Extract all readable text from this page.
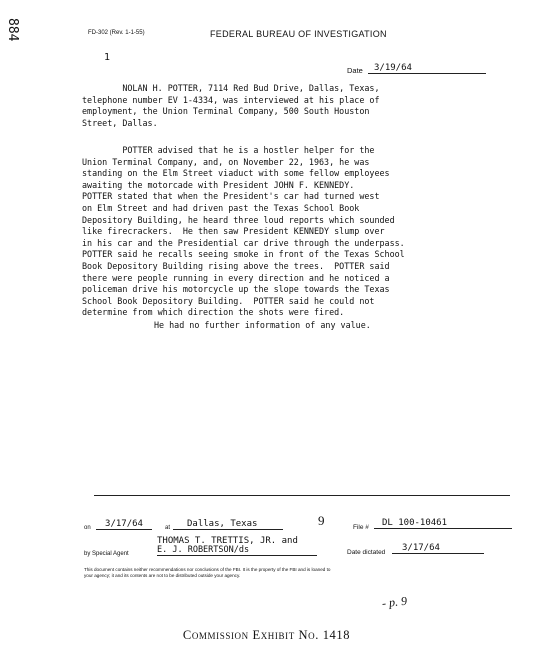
884	FD-302 (Rev. 1-1-55)	FEDERAL BUREAU OF INVESTIGATION
1
Date	3/19/64
NOLAN H. POTTER, 7114 Red Bud Drive, Dallas, Texas,
telephone number EV 1-4334, was interviewed at his place of
employment, the Union Terminal Company, 500 South Houston
Street, Dallas.
POTTER advised that he is a hostler helper for the
Union Terminal Company, and, on November 22, 1963, he was
standing on the Elm Street viaduct with some fellow employees
awaiting the motorcade with President JOHN F. KENNEDY.
POTTER stated that when the President's car had turned west
on Elm Street and had driven past the Texas School Book
Depository Building, he heard three loud reports which sounded
like firecrackers.  He then saw President KENNEDY slump over
in his car and the Presidential car drive through the underpass.
POTTER said he recalls seeing smoke in front of the Texas School
Book Depository Building rising above the trees.  POTTER said
there were people running in every direction and he noticed a
policeman drive his motorcycle up the slope towards the Texas
School Book Depository Building.  POTTER said he could not
determine from which direction the shots were fired.
He had no further information of any value.
on	3/17/64	at	Dallas, Texas	9	File #	DL 100-10461
THOMAS T. TRETTIS, JR. and
by Special Agent	E. J. ROBERTSON/ds	Date dictated	3/17/64
This document contains neither recommendations nor conclusions of the FBI. It is the property of the FBI and is loaned to
your agency; it and its contents are not to be distributed outside your agency.
- p. 9
Commission Exhibit No. 1418
